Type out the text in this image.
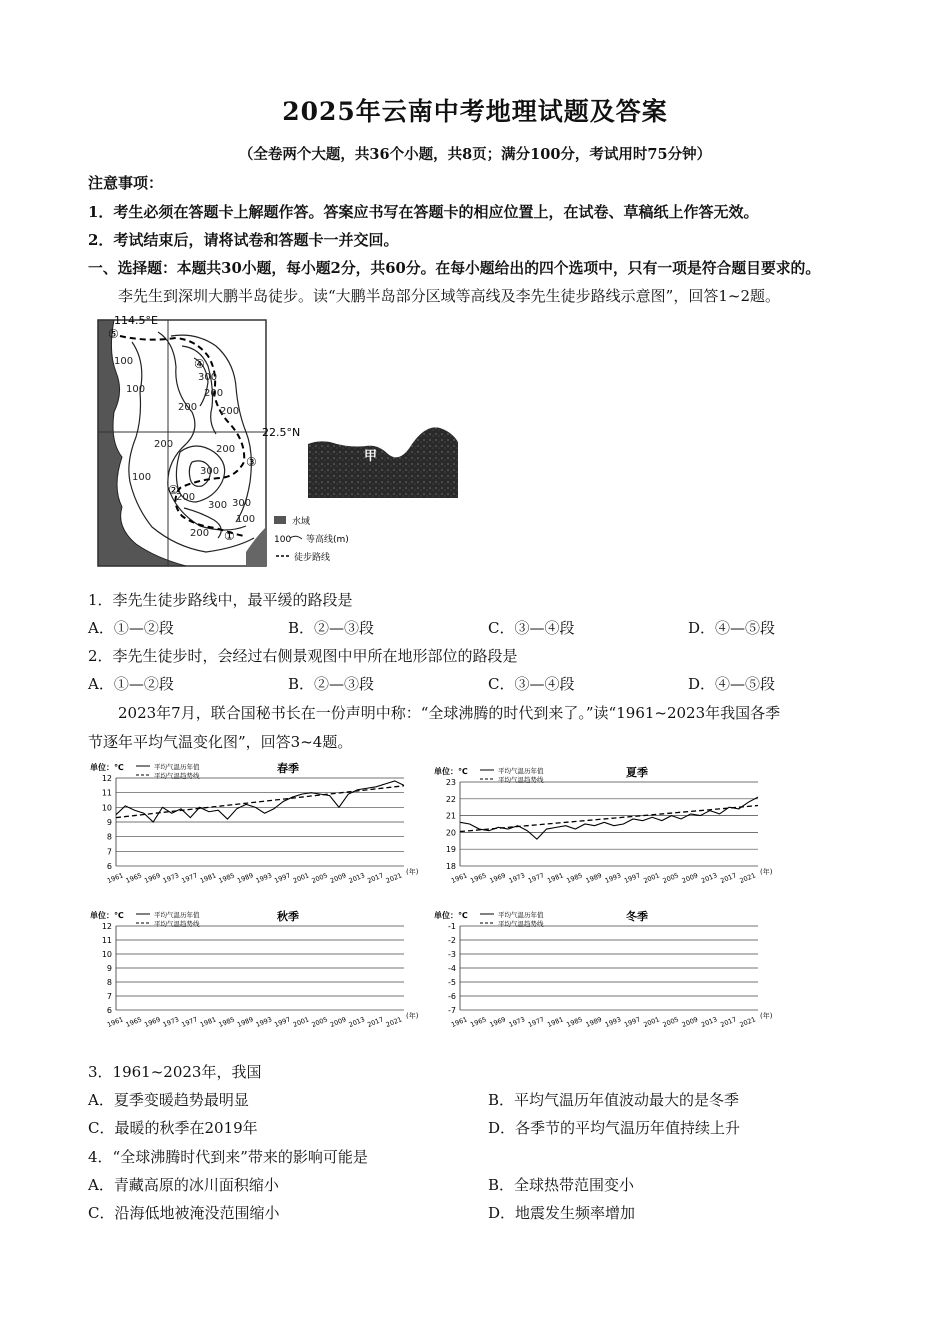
2025年云南中考地理试题及答案
（全卷两个大题，共36个小题，共8页；满分100分，考试用时75分钟）
注意事项：
1．考生必须在答题卡上解题作答。答案应书写在答题卡的相应位置上，在试卷、草稿纸上作答无效。
2．考试结束后，请将试卷和答题卡一并交回。
一、选择题：本题共30小题，每小题2分，共60分。在每小题给出的四个选项中，只有一项是符合题目要求的。
李先生到深圳大鹏半岛徒步。读“大鹏半岛部分区域等高线及李先生徒步路线示意图”，回答1~2题。
114.5°E
22.5°N
100
100
200
300
200
200
200
300
200
300
100
200
300
100
200
⑤
④
③
②
①
水域
100 等高线(m)
徒步路线
甲
1．李先生徒步路线中，最平缓的路段是
A．①—②段	B．②—③段	C．③—④段	D．④—⑤段
2．李先生徒步时，会经过右侧景观图中甲所在地形部位的路段是
A．①—②段	B．②—③段	C．③—④段	D．④—⑤段
2023年7月，联合国秘书长在一份声明中称：“全球沸腾的时代到来了。”读“1961~2023年我国各季
节逐年平均气温变化图”，回答3~4题。
单位：℃	春季
平均气温历年值
平均气温趋势线
6
7
8
9
10
11
12
1961 1965 1969 1973 1977 1981 1985 1989 1993 1997 2001 2005 2009 2013 2017 2021 (年)
单位：℃	夏季
平均气温历年值
平均气温趋势线
18
19
20
21
22
23
1961 1965 1969 1973 1977 1981 1985 1989 1993 1997 2001 2005 2009 2013 2017 2021 (年)
单位：℃	秋季
平均气温历年值
平均气温趋势线
6
7
8
9
10
11
12
1961 1965 1969 1973 1977 1981 1985 1989 1993 1997 2001 2005 2009 2013 2017 2021 (年)
单位：℃	冬季
平均气温历年值
平均气温趋势线
-7
-6
-5
-4
-3
-2
-1
1961 1965 1969 1973 1977 1981 1985 1989 1993 1997 2001 2005 2009 2013 2017 2021 (年)
3．1961~2023年，我国
A．夏季变暖趋势最明显	B．平均气温历年值波动最大的是冬季
C．最暖的秋季在2019年	D．各季节的平均气温历年值持续上升
4．“全球沸腾时代到来”带来的影响可能是
A．青藏高原的冰川面积缩小	B．全球热带范围变小
C．沿海低地被淹没范围缩小	D．地震发生频率增加
